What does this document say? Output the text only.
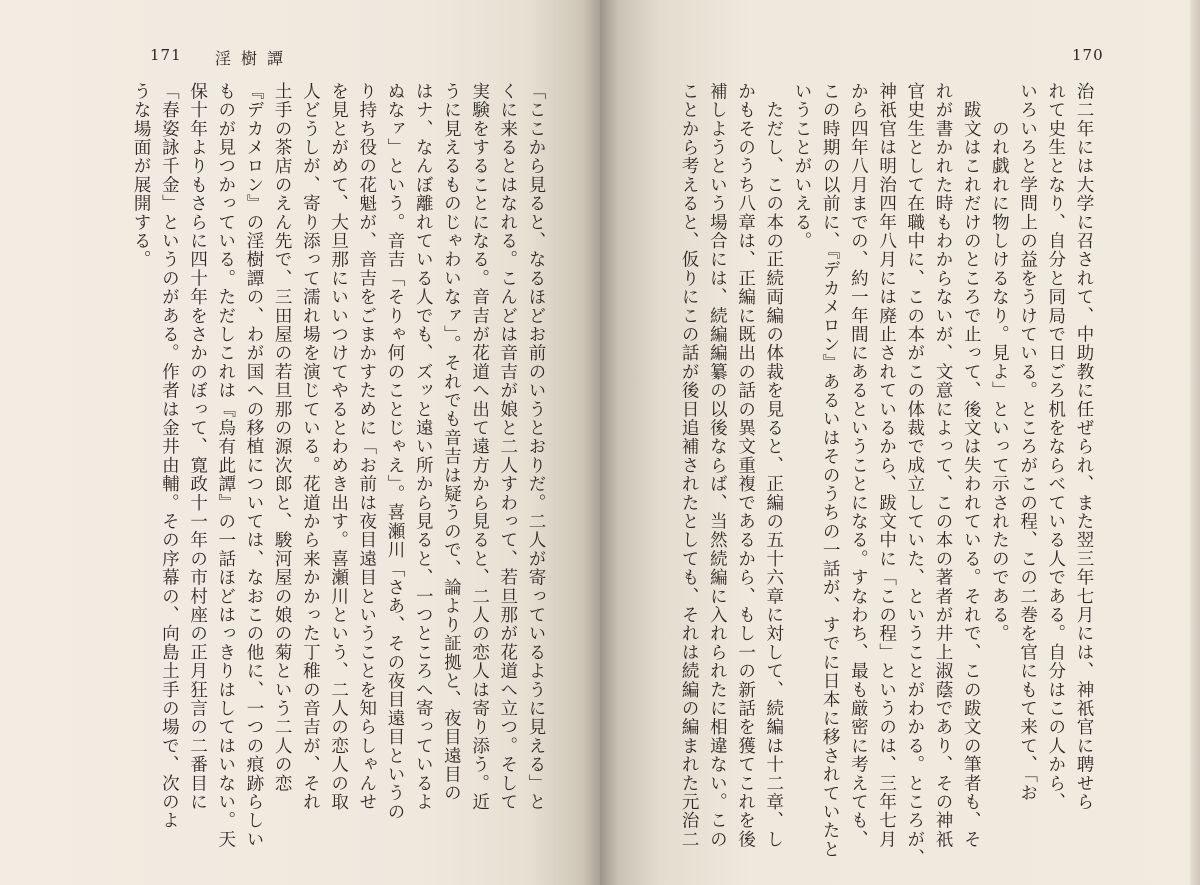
171 淫樹譚
「ここから見ると、なるほどお前のいうとおりだ。二人が寄っているように見える」と
くに来るとはなれる。こんどは音吉が娘と二人すわって、若旦那が花道へ立つ。そして
実験をすることになる。音吉が花道へ出て遠方から見ると、二人の恋人は寄り添う。近
うに見えるものじゃわいなァ」。それでも音吉は疑うので、論より証拠と、夜目遠目の
はナ、なんぼ離れている人でも、ズッと遠い所から見ると、一つところへ寄っているよ
ぬなァ」という。音吉「そりゃ何のことじゃえ」。喜瀬川「さあ、その夜目遠目というの
り持ち役の花魁が、音吉をごまかすために「お前は夜目遠目ということを知らしゃんせ
を見とがめて、大旦那にいいつけてやるとわめき出す。喜瀬川という、二人の恋人の取
人どうしが、寄り添って濡れ場を演じている。花道から来かかった丁稚の音吉が、それ
土手の茶店のえん先で、三田屋の若旦那の源次郎と、駿河屋の娘の菊という二人の恋
『デカメロン』の淫樹譚の、わが国への移植については、なおこの他に、一つの痕跡らしい
ものが見つかっている。ただしこれは『烏有此譚』の一話ほどはっきりはしてはいない。天
保十年よりもさらに四十年をさかのぼって、寛政十一年の市村座の正月狂言の二番目に
「春姿詠千金」というのがある。作者は金井由輔。その序幕の、向島土手の場で、次のよ
うな場面が展開する。
170
治二年には大学に召されて、中助教に任ぜられ、また翌三年七月には、神祇官に聘せら
れて史生となり、自分と同局で日ごろ机をならべている人である。自分はこの人から、
いろいろと学問上の益をうけている。ところがこの程、この二巻を官にもて来て、「お
　　のれ戯れに物しけるなり。見よ」といって示されたのである。
　跋文はこれだけのところで止って、後文は失われている。それで、この跋文の筆者も、そ
れが書かれた時もわからないが、文意によって、この本の著者が井上淑蔭であり、その神祇
官史生として在職中に、この本がこの体裁で成立していた、ということがわかる。ところが、
神祇官は明治四年八月には廃止されているから、跋文中に「この程」というのは、三年七月
から四年八月までの、約一年間にあるということになる。すなわち、最も厳密に考えても、
この時期の以前に、『デカメロン』あるいはそのうちの一話が、すでに日本に移されていたと
いうことがいえる。
　ただし、この本の正続両編の体裁を見ると、正編の五十六章に対して、続編は十二章、し
かもそのうち八章は、正編に既出の話の異文重複であるから、もし一の新話を獲てこれを後
補しようという場合には、続編編纂の以後ならば、当然続編に入れられたに相違ない。この
ことから考えると、仮りにこの話が後日追補されたとしても、それは続編の編まれた元治二
